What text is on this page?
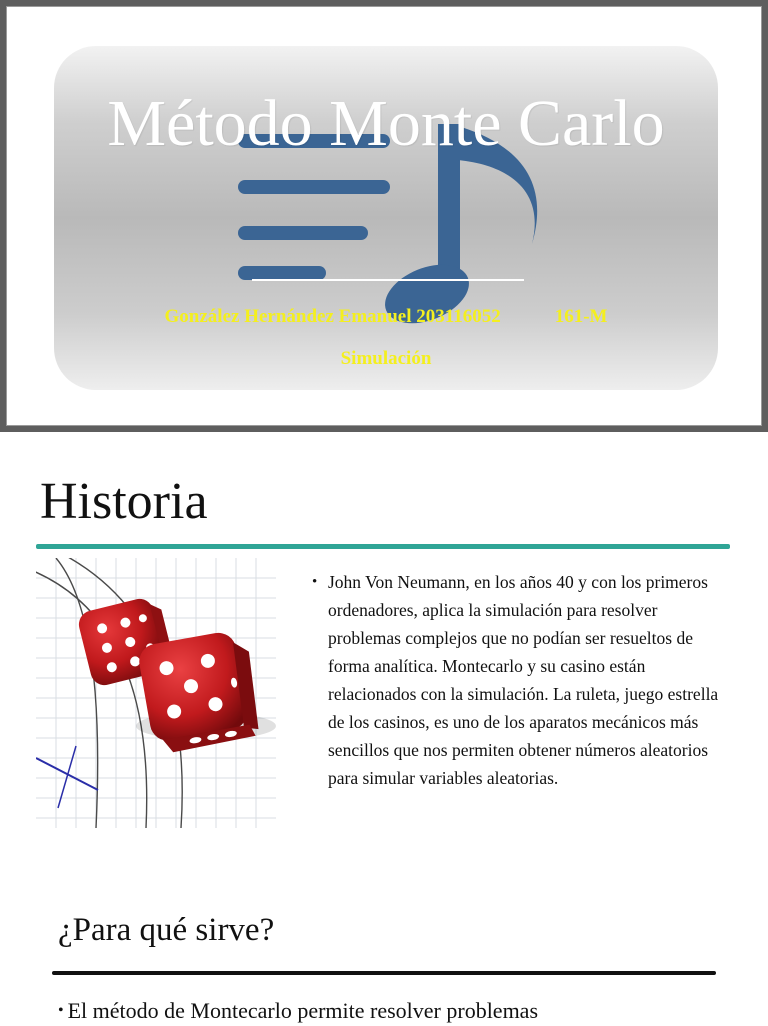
Método Monte Carlo
González Hernández Emanuel 203116052	161-M
Simulación
Historia
• John Von Neumann, en los años 40 y con los primeros ordenadores, aplica la simulación para resolver problemas complejos que no podían ser resueltos de forma analítica. Montecarlo y su casino están relacionados con la simulación. La ruleta, juego estrella de los casinos, es uno de los aparatos mecánicos más sencillos que nos permiten obtener números aleatorios para simular variables aleatorias.
¿Para qué sirve?
• El método de Montecarlo permite resolver problemas
